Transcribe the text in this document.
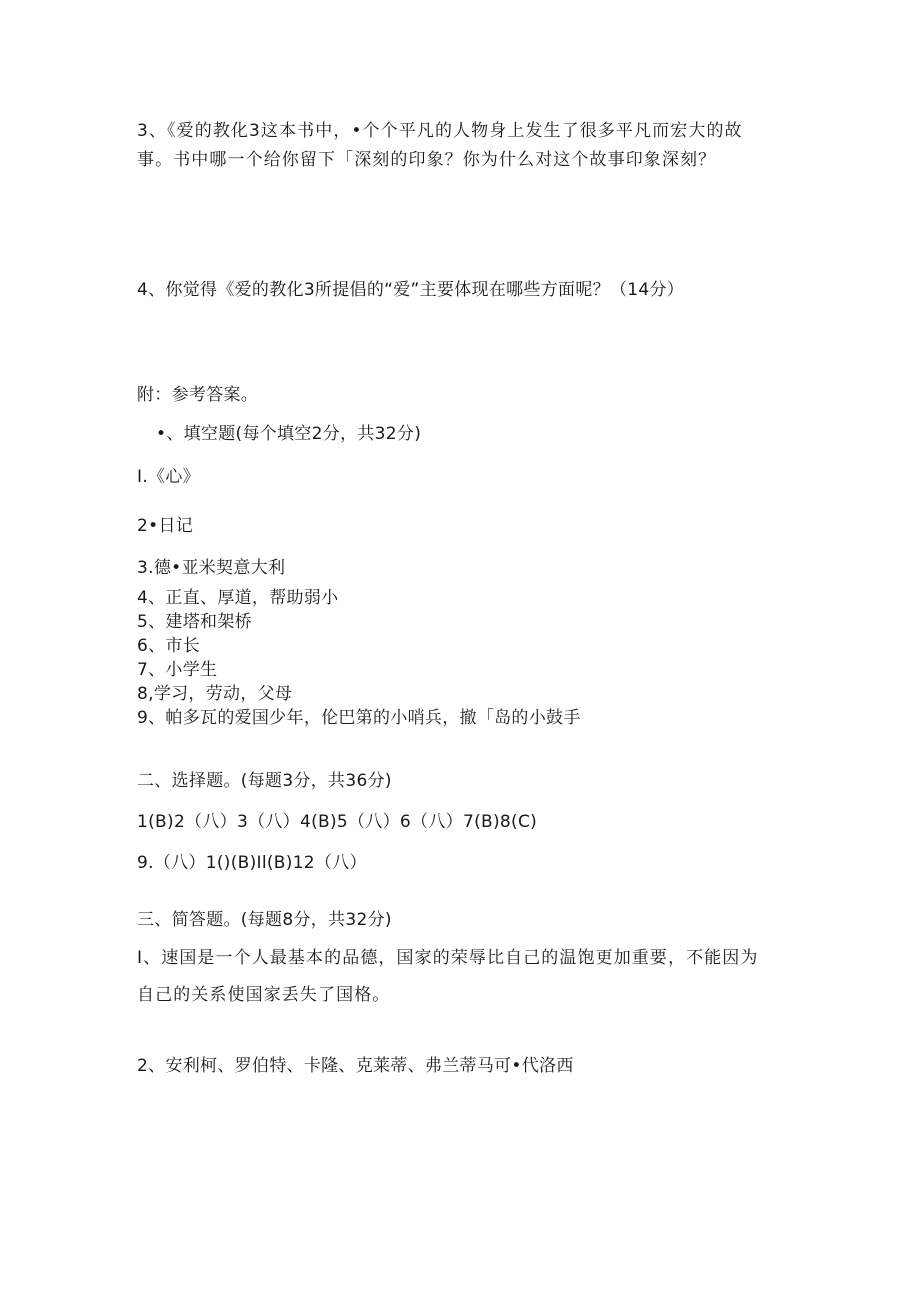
3、《爱的教化3这本书中，•个个平凡的人物身上发生了很多平凡而宏大的故
事。书中哪一个给你留下「深刻的印象？你为什么对这个故事印象深刻？
4、你觉得《爱的教化3所提倡的“爱”主要体现在哪些方面呢？（14分）
附：参考答案。
•、填空题(每个填空2分，共32分)
I.《心》
2•日记
3.德•亚米契意大利
4、正直、厚道，帮助弱小
5、建塔和架桥
6、市长
7、小学生
8,学习，劳动，父母
9、帕多瓦的爱国少年，伦巴第的小哨兵，撤「岛的小鼓手
二、选择题。(每题3分，共36分)
1(B)2（八）3（八）4(B)5（八）6（八）7(B)8(C)
9.（八）1()(B)Il(B)12（八）
三、简答题。(每题8分，共32分)
I、速国是一个人最基本的品德，国家的荣辱比自己的温饱更加重要，不能因为
自己的关系使国家丢失了国格。
2、安利柯、罗伯特、卡隆、克莱蒂、弗兰蒂马可•代洛西
